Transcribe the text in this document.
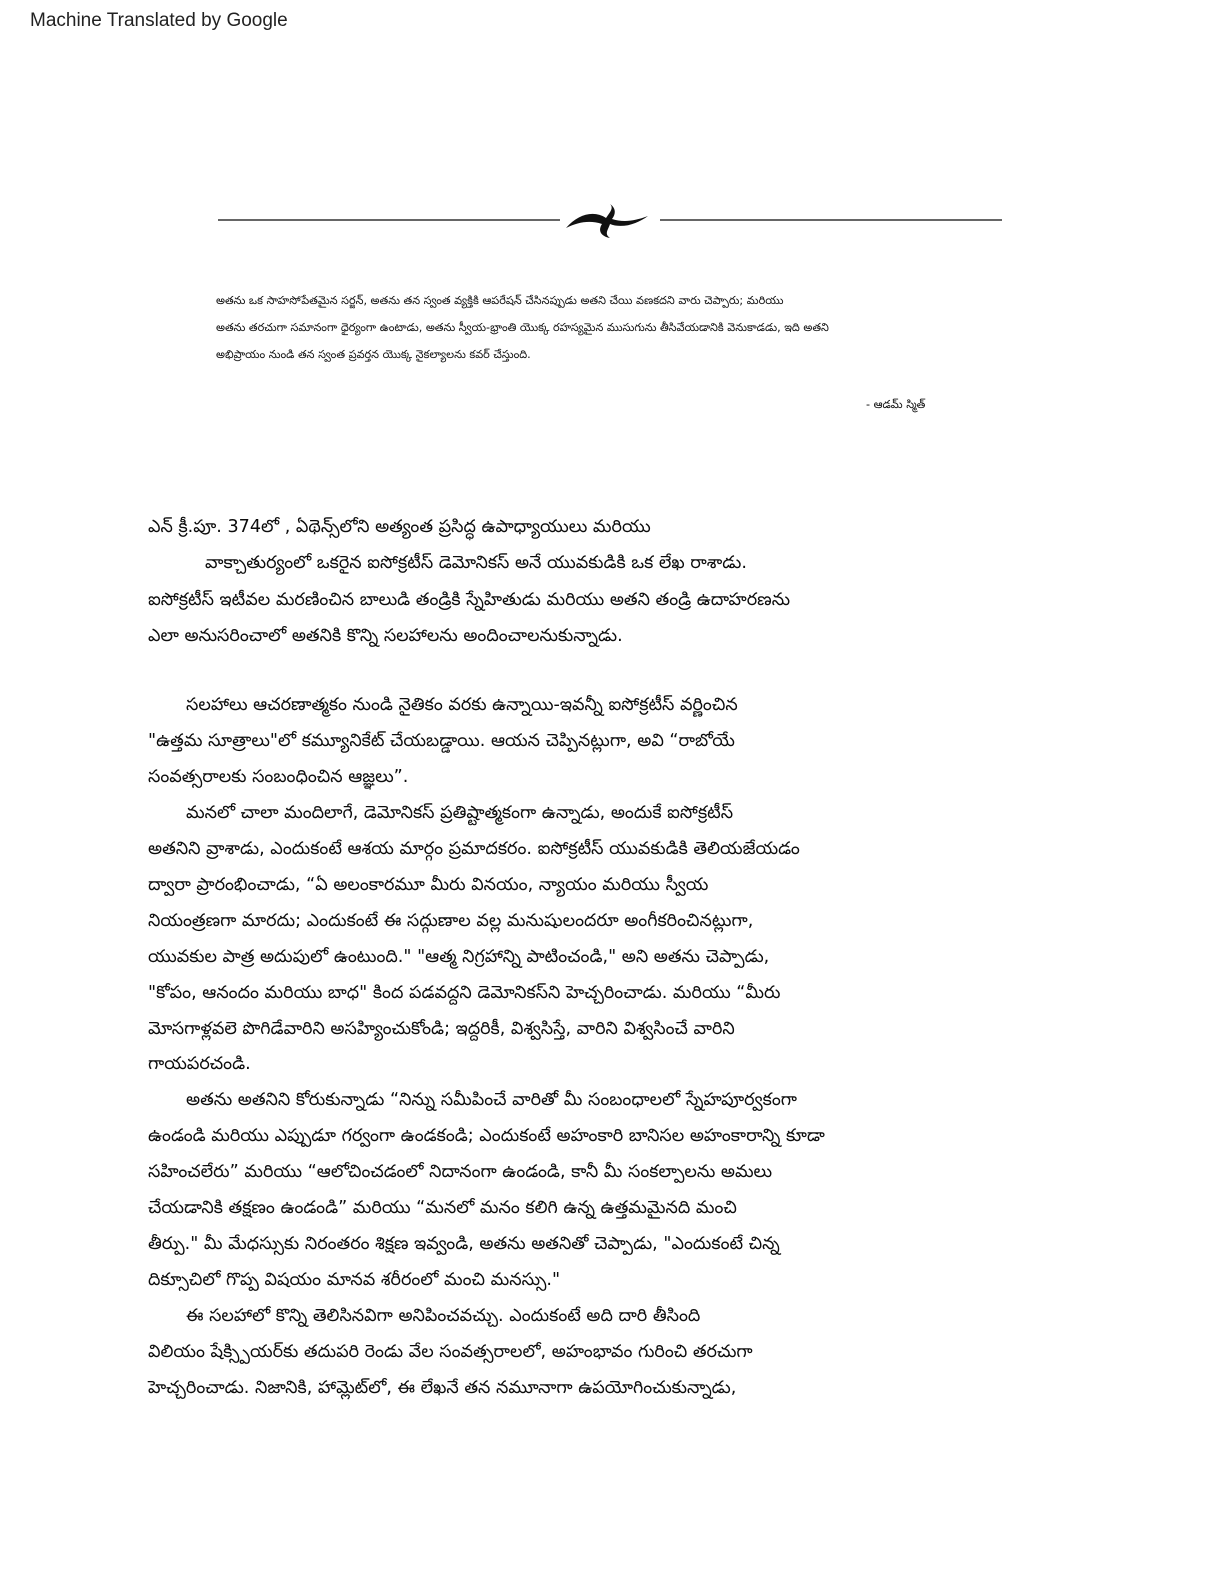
Machine Translated by Google
అతను ఒక సాహసోపేతమైన సర్జన్, అతను తన స్వంత వ్యక్తికి ఆపరేషన్ చేసినప్పుడు అతని చేయి వణకదని వారు చెప్పారు; మరియు
అతను తరచుగా సమానంగా ధైర్యంగా ఉంటాడు, అతను స్వీయ-భ్రాంతి యొక్క రహస్యమైన ముసుగును తీసివేయడానికి వెనుకాడడు, ఇది అతని
అభిప్రాయం నుండి తన స్వంత ప్రవర్తన యొక్క నైకల్యాలను కవర్ చేస్తుంది.
- ఆడమ్ స్మిత్
ఎన్ క్రీ.పూ. 374లో , ఏథెన్స్‌లోని అత్యంత ప్రసిద్ధ ఉపాధ్యాయులు మరియు
వాక్చాతుర్యంలో ఒకరైన ఐసోక్రటీస్ డెమోనికస్ అనే యువకుడికి ఒక లేఖ రాశాడు.
ఐసోక్రటీస్ ఇటీవల మరణించిన బాలుడి తండ్రికి స్నేహితుడు మరియు అతని తండ్రి ఉదాహరణను
ఎలా అనుసరించాలో అతనికి కొన్ని సలహాలను అందించాలనుకున్నాడు.
సలహాలు ఆచరణాత్మకం నుండి నైతికం వరకు ఉన్నాయి-ఇవన్నీ ఐసోక్రటీస్ వర్ణించిన
"ఉత్తమ సూత్రాలు"లో కమ్యూనికేట్ చేయబడ్డాయి. ఆయన చెప్పినట్లుగా, అవి “రాబోయే
సంవత్సరాలకు సంబంధించిన ఆజ్ఞలు”.
మనలో చాలా మందిలాగే, డెమోనికస్ ప్రతిష్టాత్మకంగా ఉన్నాడు, అందుకే ఐసోక్రటీస్
అతనిని వ్రాశాడు, ఎందుకంటే ఆశయ మార్గం ప్రమాదకరం. ఐసోక్రటీస్ యువకుడికి తెలియజేయడం
ద్వారా ప్రారంభించాడు, “ఏ అలంకారమూ మీరు వినయం, న్యాయం మరియు స్వీయ
నియంత్రణగా మారదు; ఎందుకంటే ఈ సద్గుణాల వల్ల మనుషులందరూ అంగీకరించినట్లుగా,
యువకుల పాత్ర అదుపులో ఉంటుంది." "ఆత్మ నిగ్రహాన్ని పాటించండి," అని అతను చెప్పాడు,
"కోపం, ఆనందం మరియు బాధ" కింద పడవద్దని డెమోనికస్‌ని హెచ్చరించాడు. మరియు “మీరు
మోసగాళ్లవలె పొగిడేవారిని అసహ్యించుకోండి; ఇద్దరికీ, విశ్వసిస్తే, వారిని విశ్వసించే వారిని
గాయపరచండి.
అతను అతనిని కోరుకున్నాడు “నిన్ను సమీపించే వారితో మీ సంబంధాలలో స్నేహపూర్వకంగా
ఉండండి మరియు ఎప్పుడూ గర్వంగా ఉండకండి; ఎందుకంటే అహంకారి బానిసల అహంకారాన్ని కూడా
సహించలేరు” మరియు “ఆలోచించడంలో నిదానంగా ఉండండి, కానీ మీ సంకల్పాలను అమలు
చేయడానికి తక్షణం ఉండండి” మరియు “మనలో మనం కలిగి ఉన్న ఉత్తమమైనది మంచి
తీర్పు." మీ మేధస్సుకు నిరంతరం శిక్షణ ఇవ్వండి, అతను అతనితో చెప్పాడు, "ఎందుకంటే చిన్న
దిక్సూచిలో గొప్ప విషయం మానవ శరీరంలో మంచి మనస్సు."
ఈ సలహాలో కొన్ని తెలిసినవిగా అనిపించవచ్చు. ఎందుకంటే అది దారి తీసింది
విలియం షేక్స్పియర్‌కు తదుపరి రెండు వేల సంవత్సరాలలో, అహంభావం గురించి తరచుగా
హెచ్చరించాడు. నిజానికి, హామ్లెట్‌లో, ఈ లేఖనే తన నమూనాగా ఉపయోగించుకున్నాడు,
